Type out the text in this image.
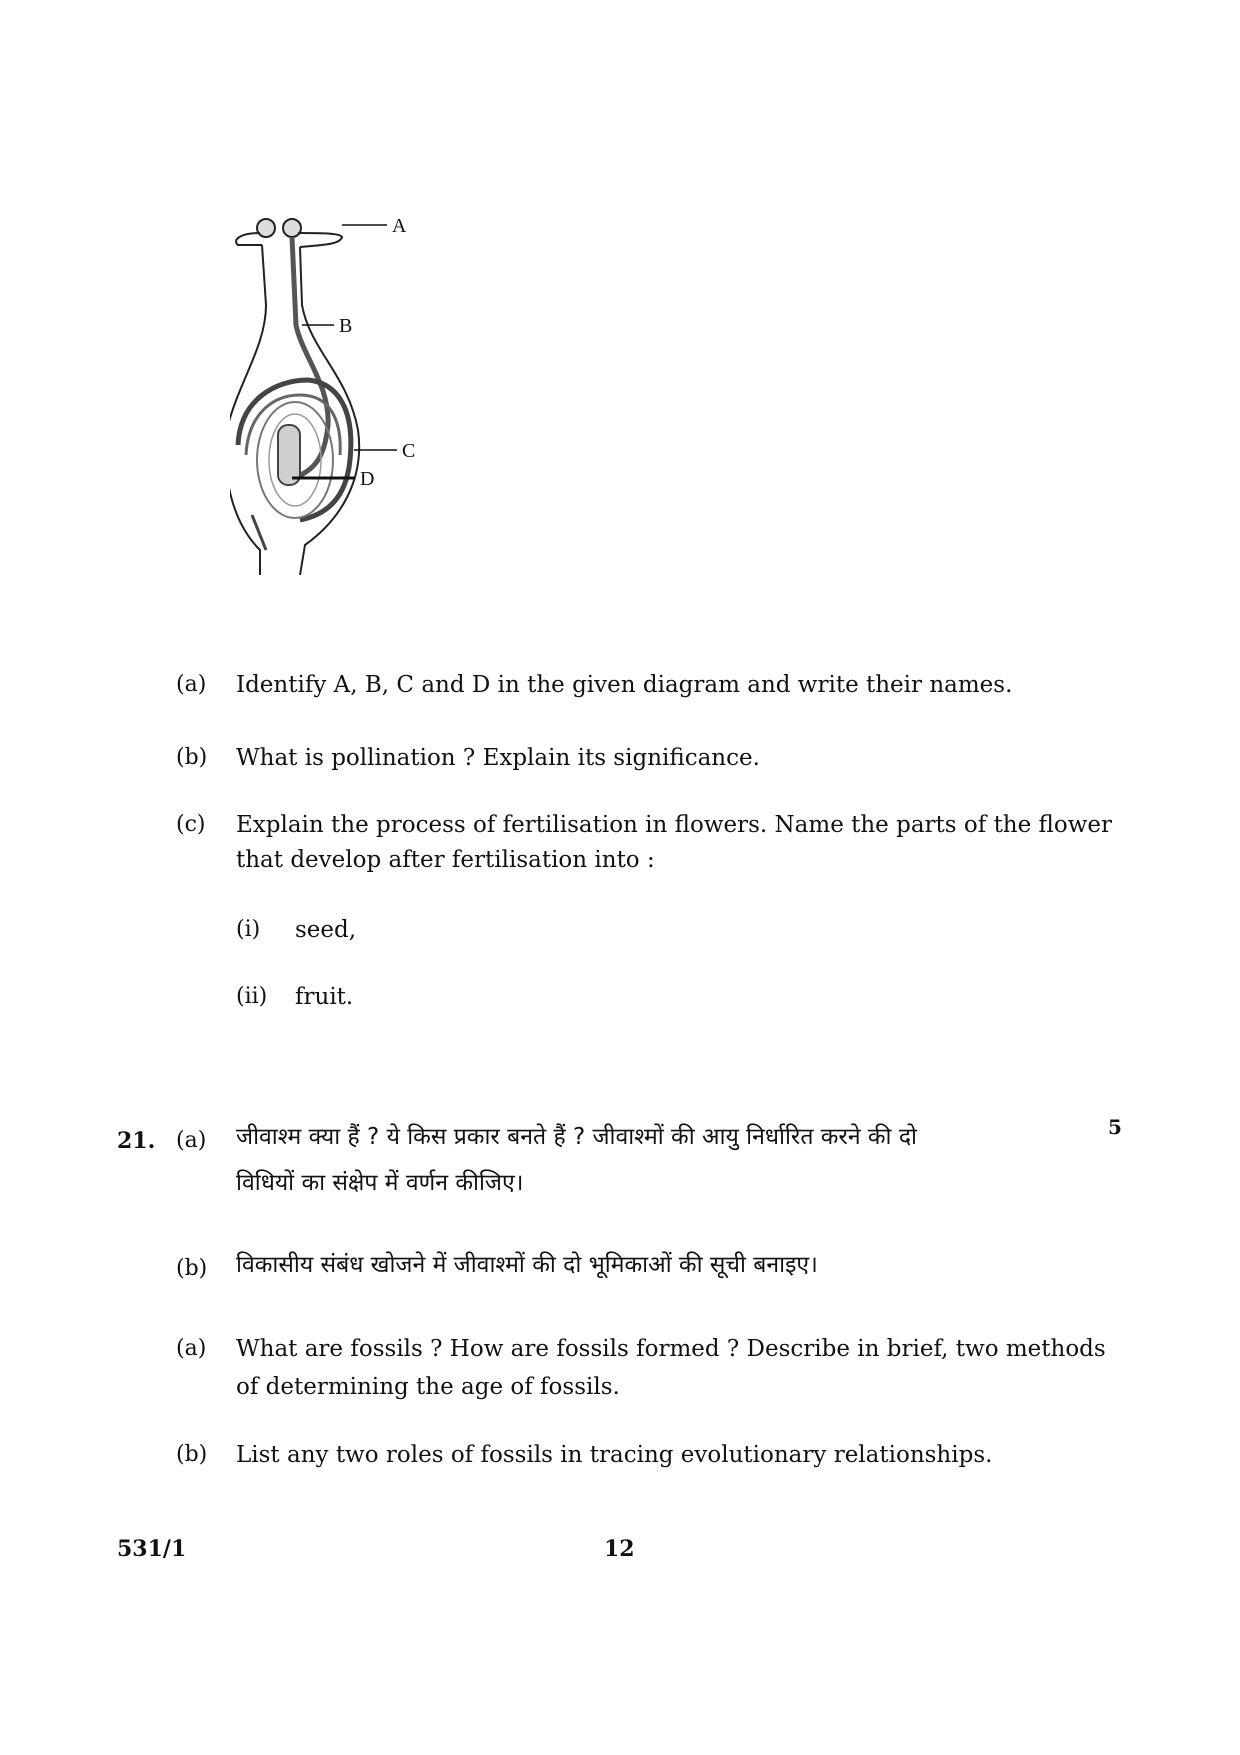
A
B
C
D
(a) Identify A, B, C and D in the given diagram and write their names.
(b) What is pollination ? Explain its significance.
(c) Explain the process of fertilisation in flowers. Name the parts of the flower
that develop after fertilisation into :
(i) seed,
(ii) fruit.
21.
5
(a) जीवाश्म क्या हैं ? ये किस प्रकार बनते हैं ? जीवाश्मों की आयु निर्धारित करने की दो
विधियों का संक्षेप में वर्णन कीजिए।
(b) विकासीय संबंध खोजने में जीवाश्मों की दो भूमिकाओं की सूची बनाइए।
(a) What are fossils ? How are fossils formed ? Describe in brief, two methods
of determining the age of fossils.
(b) List any two roles of fossils in tracing evolutionary relationships.
531/1	12
